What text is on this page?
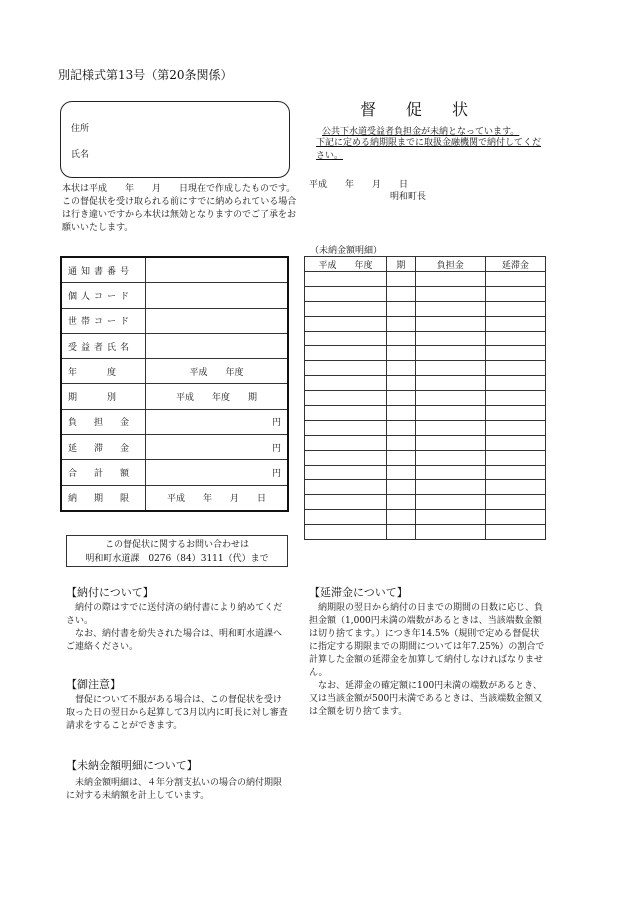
別記様式第13号（第20条関係）
住所
氏名
本状は平成　　年　　月　　日現在で作成したものです。この督促状を受け取られる前にすでに納められている場合は行き違いですから本状は無効となりますのでご了承をお願いいたします。
督促状
公共下水道受益者負担金が未納となっています。
下記に定める納期限までに取扱金融機関で納付してください。
平成　　年　　月　　日
明和町長
通知書番号	
個人コード	
世帯コード	
受益者氏名	
年　　度	平成　　年度
期　　別	平成　　年度　　期
負　担　金	円
延　滞　金	円
合　計　額	円
納　期　限	平成　　年　　月　　日
この督促状に関するお問い合わせは
明和町水道課　0276（84）3111（代）まで
（未納金額明細）
平成　　年度	期	負担金	延滞金

【納付について】

納付の際はすでに送付済の納付書により納めてください。

なお、納付書を紛失された場合は、明和町水道課へご連絡ください。

【御注意】

督促について不服がある場合は、この督促状を受け取った日の翌日から起算して3月以内に町長に対し審査請求をすることができます。

【未納金額明細について】

未納金額明細は、４年分割支払いの場合の納付期限に対する未納額を計上しています。

【延滞金について】

納期限の翌日から納付の日までの期間の日数に応じ、負担金額（1,000円未満の端数があるときは、当該端数金額は切り捨てます。）につき年14.5%（規則で定める督促状に指定する期限までの期間については年7.25%）の割合で計算した金額の延滞金を加算して納付しなければなりません。

なお、延滞金の確定額に100円未満の端数があるとき、又は当該金額が500円未満であるときは、当該端数金額又は全額を切り捨てます。
